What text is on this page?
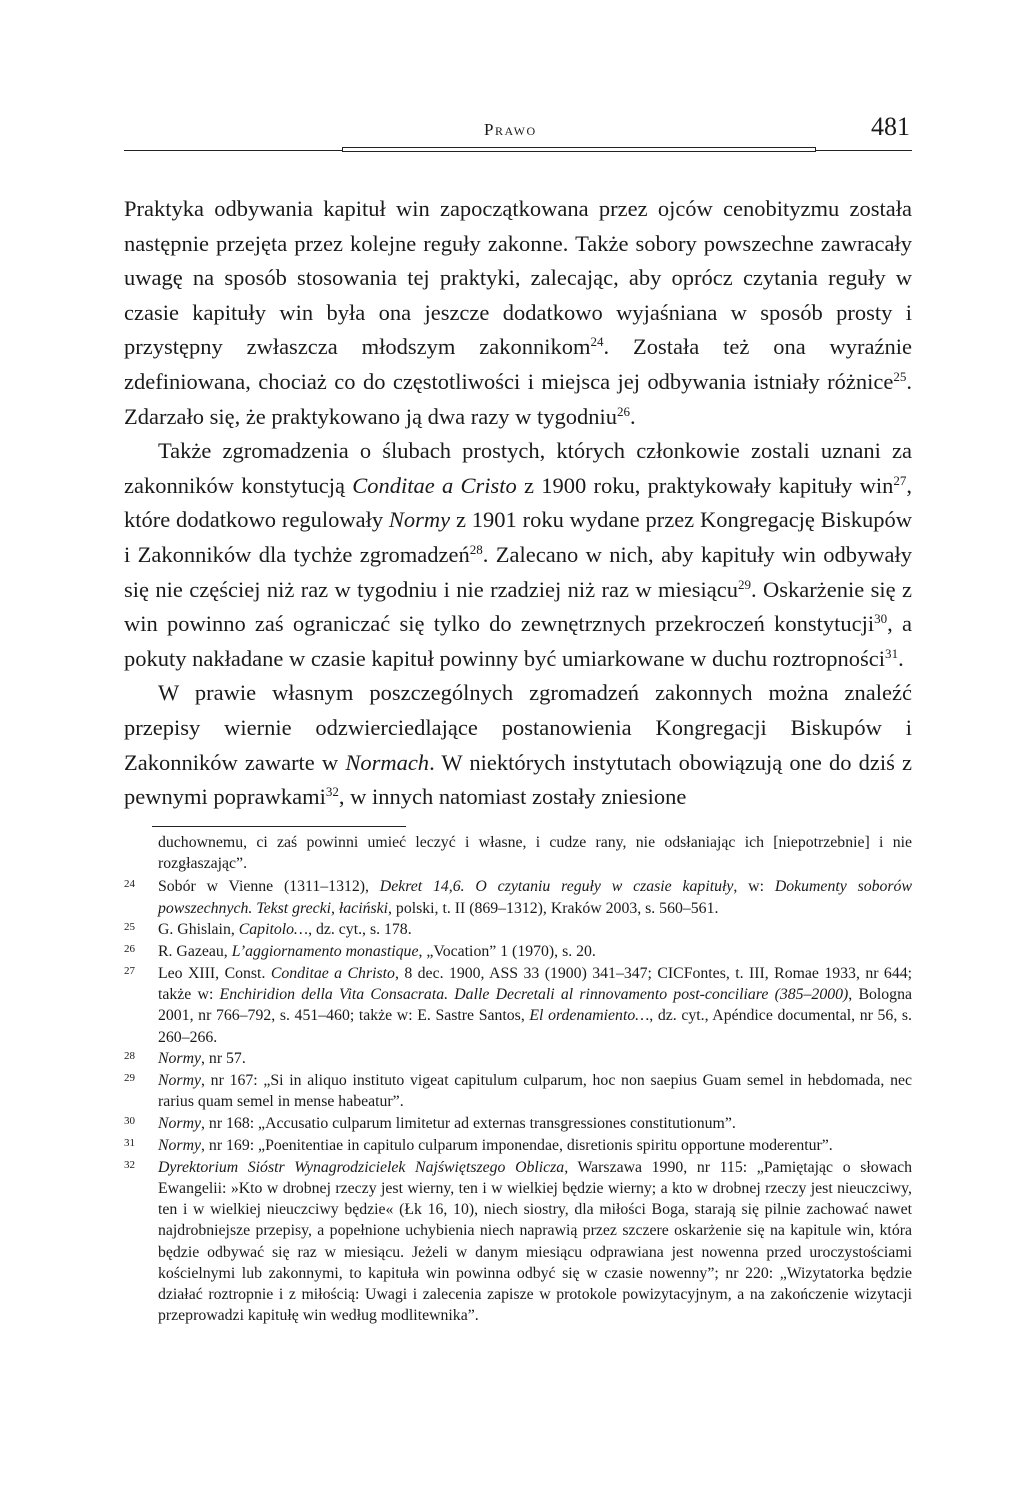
Prawo	481

Praktyka odbywania kapituł win zapoczątkowana przez ojców cenobityzmu została następnie przejęta przez kolejne reguły zakonne. Także sobory powszechne zawracały uwagę na sposób stosowania tej praktyki, zalecając, aby oprócz czytania reguły w czasie kapituły win była ona jeszcze dodatkowo wyjaśniana w sposób prosty i przystępny zwłaszcza młodszym zakonnikom$^{24}$. Została też ona wyraźnie zdefiniowana, chociaż co do częstotliwości i miejsca jej odbywania istniały różnice$^{25}$. Zdarzało się, że praktykowano ją dwa razy w tygodniu$^{26}$.

Także zgromadzenia o ślubach prostych, których członkowie zostali uznani za zakonników konstytucją Conditae a Cristo z 1900 roku, praktykowały kapituły win$^{27}$, które dodatkowo regulowały Normy z 1901 roku wydane przez Kongregację Biskupów i Zakonników dla tychże zgromadzeń$^{28}$. Zalecano w nich, aby kapituły win odbywały się nie częściej niż raz w tygodniu i nie rzadziej niż raz w miesiącu$^{29}$. Oskarżenie się z win powinno zaś ograniczać się tylko do zewnętrznych przekroczeń konstytucji$^{30}$, a pokuty nakładane w czasie kapituł powinny być umiarkowane w duchu roztropności$^{31}$.

W prawie własnym poszczególnych zgromadzeń zakonnych można znaleźć przepisy wiernie odzwierciedlające postanowienia Kongregacji Biskupów i Zakonników zawarte w Normach. W niektórych instytutach obowiązują one do dziś z pewnymi poprawkami$^{32}$, w innych natomiast zostały zniesione

duchownemu, ci zaś powinni umieć leczyć i własne, i cudze rany, nie odsłaniając ich [niepotrzebnie] i nie rozgłaszając”.
24 Sobór w Vienne (1311–1312), Dekret 14,6. O czytaniu reguły w czasie kapituły, w: Dokumenty soborów powszechnych. Tekst grecki, łaciński, polski, t. II (869–1312), Kraków 2003, s. 560–561.
25 G. Ghislain, Capitolo…, dz. cyt., s. 178.
26 R. Gazeau, L’aggiornamento monastique, „Vocation” 1 (1970), s. 20.
27 Leo XIII, Const. Conditae a Christo, 8 dec. 1900, ASS 33 (1900) 341–347; CICFontes, t. III, Romae 1933, nr 644; także w: Enchiridion della Vita Consacrata. Dalle Decretali al rinnovamento post-conciliare (385–2000), Bologna 2001, nr 766–792, s. 451–460; także w: E. Sastre Santos, El ordenamiento…, dz. cyt., Apéndice documental, nr 56, s. 260–266.
28 Normy, nr 57.
29 Normy, nr 167: „Si in aliquo instituto vigeat capitulum culparum, hoc non saepius Guam semel in hebdomada, nec rarius quam semel in mense habeatur”.
30 Normy, nr 168: „Accusatio culparum limitetur ad externas transgressiones constitutionum”.
31 Normy, nr 169: „Poenitentiae in capitulo culparum imponendae, disretionis spiritu opportune moderentur”.
32 Dyrektorium Sióstr Wynagrodzicielek Najświętszego Oblicza, Warszawa 1990, nr 115: „Pamiętając o słowach Ewangelii: »Kto w drobnej rzeczy jest wierny, ten i w wielkiej będzie wierny; a kto w drobnej rzeczy jest nieuczciwy, ten i w wielkiej nieuczciwy będzie« (Łk 16, 10), niech siostry, dla miłości Boga, starają się pilnie zachować nawet najdrobniejsze przepisy, a popełnione uchybienia niech naprawią przez szczere oskarżenie się na kapitule win, która będzie odbywać się raz w miesiącu. Jeżeli w danym miesiącu odprawiana jest nowenna przed uroczystościami kościelnymi lub zakonnymi, to kapituła win powinna odbyć się w czasie nowenny”; nr 220: „Wizytatorka będzie działać roztropnie i z miłością: Uwagi i zalecenia zapisze w protokole powizytacyjnym, a na zakończenie wizytacji przeprowadzi kapitułę win według modlitewnika”.
